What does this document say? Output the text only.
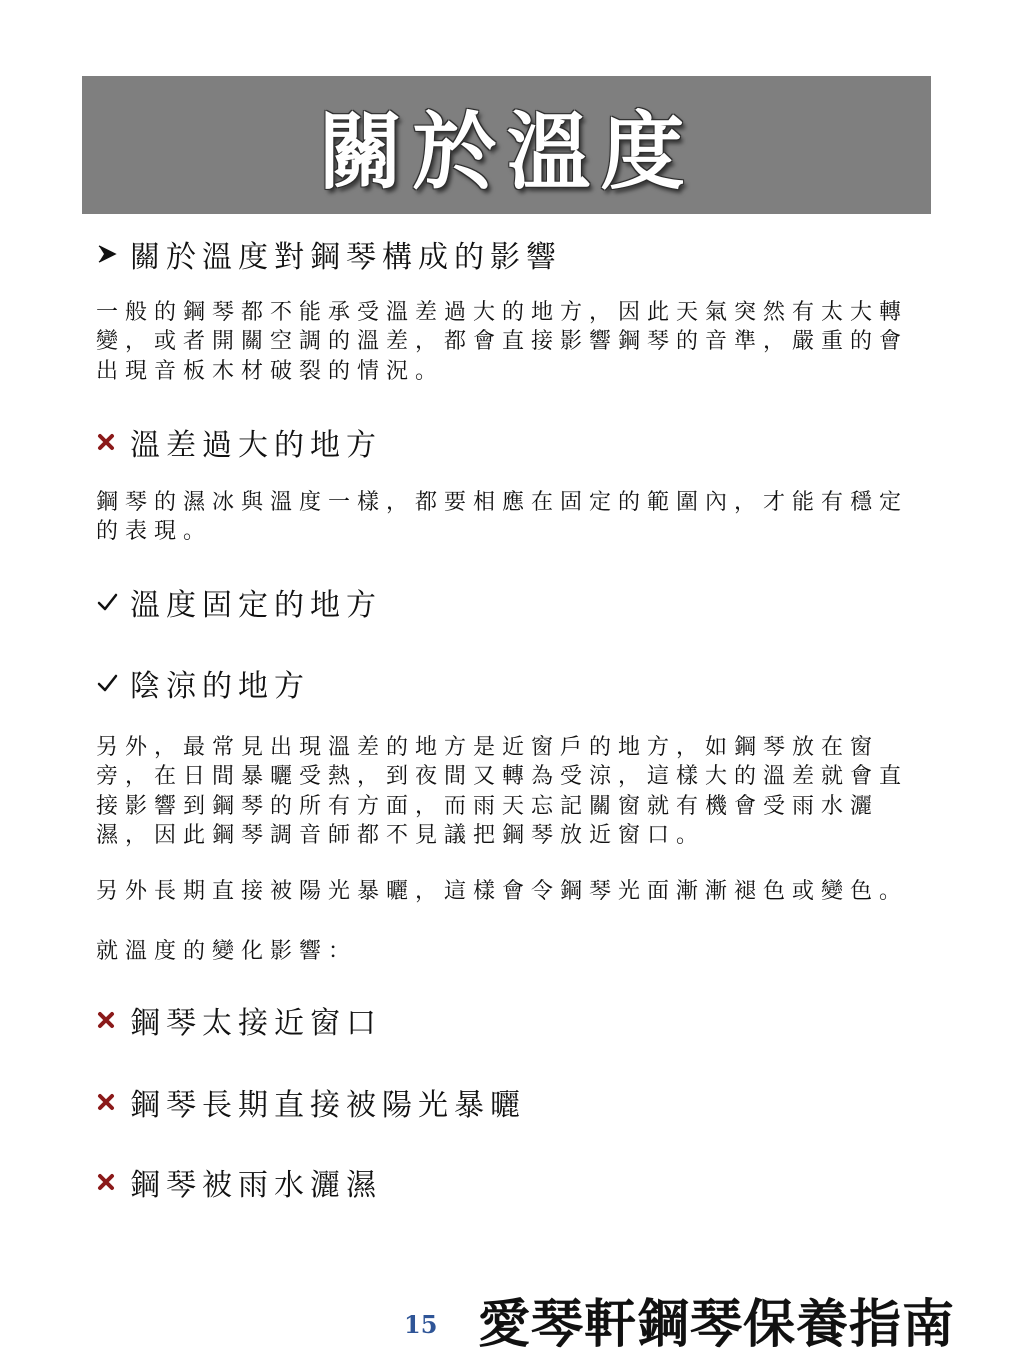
關於溫度
關於溫度對鋼琴構成的影響

一般的鋼琴都不能承受溫差過大的地方，因此天氣突然有太大轉變，或者開關空調的溫差，都會直接影響鋼琴的音準，嚴重的會出現音板木材破裂的情況。

溫差過大的地方

鋼琴的濕冰與溫度一樣，都要相應在固定的範圍內，才能有穩定的表現。

溫度固定的地方
陰涼的地方

另外，最常見出現溫差的地方是近窗戶的地方，如鋼琴放在窗旁，在日間暴曬受熱，到夜間又轉為受涼，這樣大的溫差就會直接影響到鋼琴的所有方面，而雨天忘記關窗就有機會受雨水灑濕，因此鋼琴調音師都不見議把鋼琴放近窗口。

另外長期直接被陽光暴曬，這樣會令鋼琴光面漸漸褪色或變色。

就溫度的變化影響：

鋼琴太接近窗口
鋼琴長期直接被陽光暴曬
鋼琴被雨水灑濕
15 愛琴軒鋼琴保養指南
